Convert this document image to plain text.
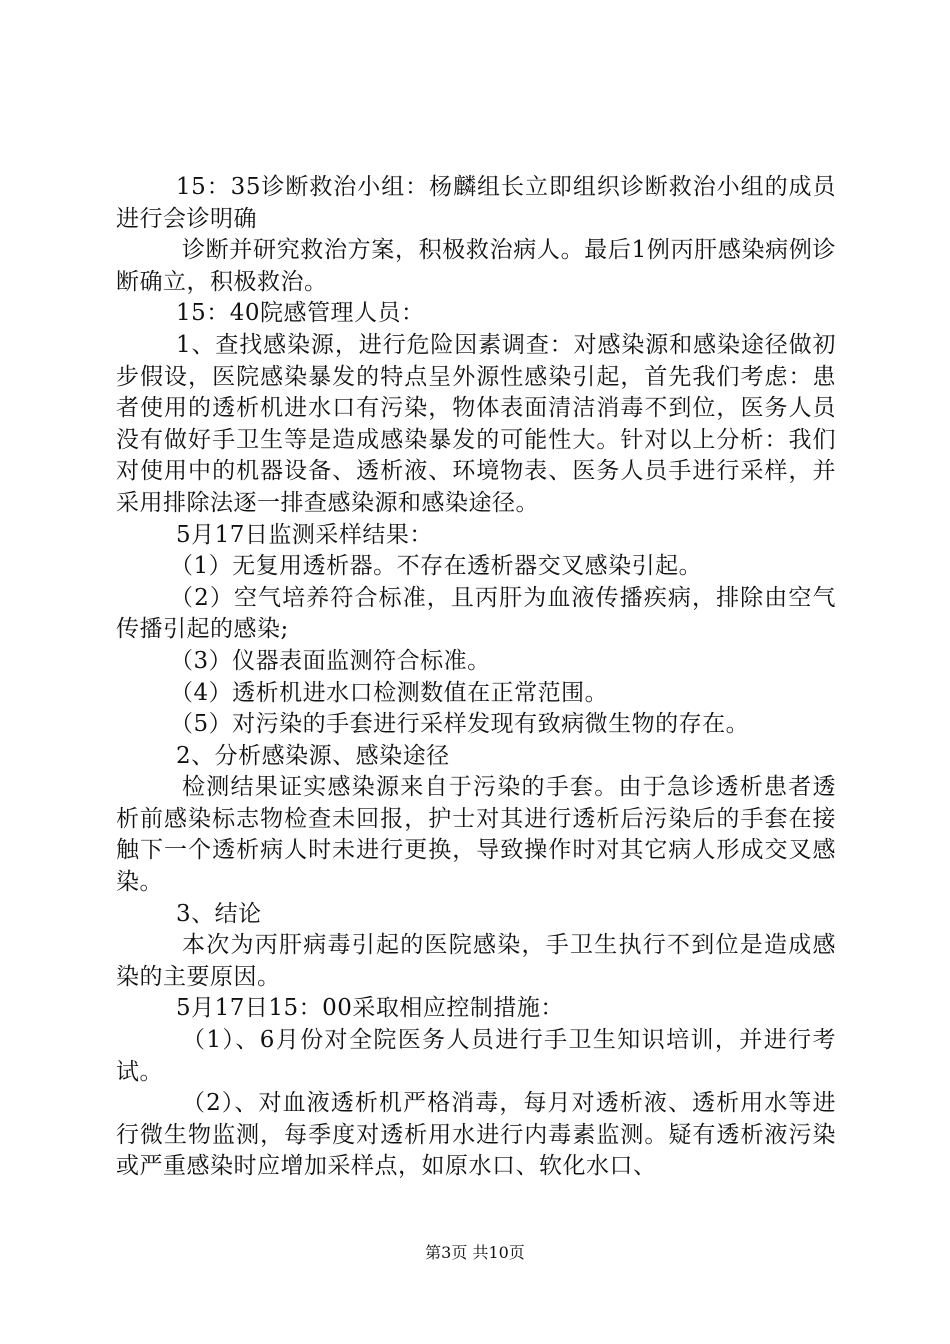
15：35诊断救治小组：杨麟组长立即组织诊断救治小组的成员进行会诊明确

诊断并研究救治方案，积极救治病人。最后1例丙肝感染病例诊断确立，积极救治。

15：40院感管理人员：

1、查找感染源，进行危险因素调查：对感染源和感染途径做初步假设，医院感染暴发的特点呈外源性感染引起，首先我们考虑：患者使用的透析机进水口有污染，物体表面清洁消毒不到位，医务人员没有做好手卫生等是造成感染暴发的可能性大。针对以上分析：我们对使用中的机器设备、透析液、环境物表、医务人员手进行采样，并采用排除法逐一排查感染源和感染途径。

5月17日监测采样结果：

（1）无复用透析器。不存在透析器交叉感染引起。

（2）空气培养符合标准，且丙肝为血液传播疾病，排除由空气传播引起的感染;

（3）仪器表面监测符合标准。

（4）透析机进水口检测数值在正常范围。

（5）对污染的手套进行采样发现有致病微生物的存在。

2、分析感染源、感染途径

检测结果证实感染源来自于污染的手套。由于急诊透析患者透析前感染标志物检查未回报，护士对其进行透析后污染后的手套在接触下一个透析病人时未进行更换，导致操作时对其它病人形成交叉感染。

3、结论

本次为丙肝病毒引起的医院感染，手卫生执行不到位是造成感染的主要原因。

5月17日15：00采取相应控制措施：

（1）、6月份对全院医务人员进行手卫生知识培训，并进行考试。

（2）、对血液透析机严格消毒，每月对透析液、透析用水等进行微生物监测，每季度对透析用水进行内毒素监测。疑有透析液污染或严重感染时应增加采样点，如原水口、软化水口、

第3页 共10页
